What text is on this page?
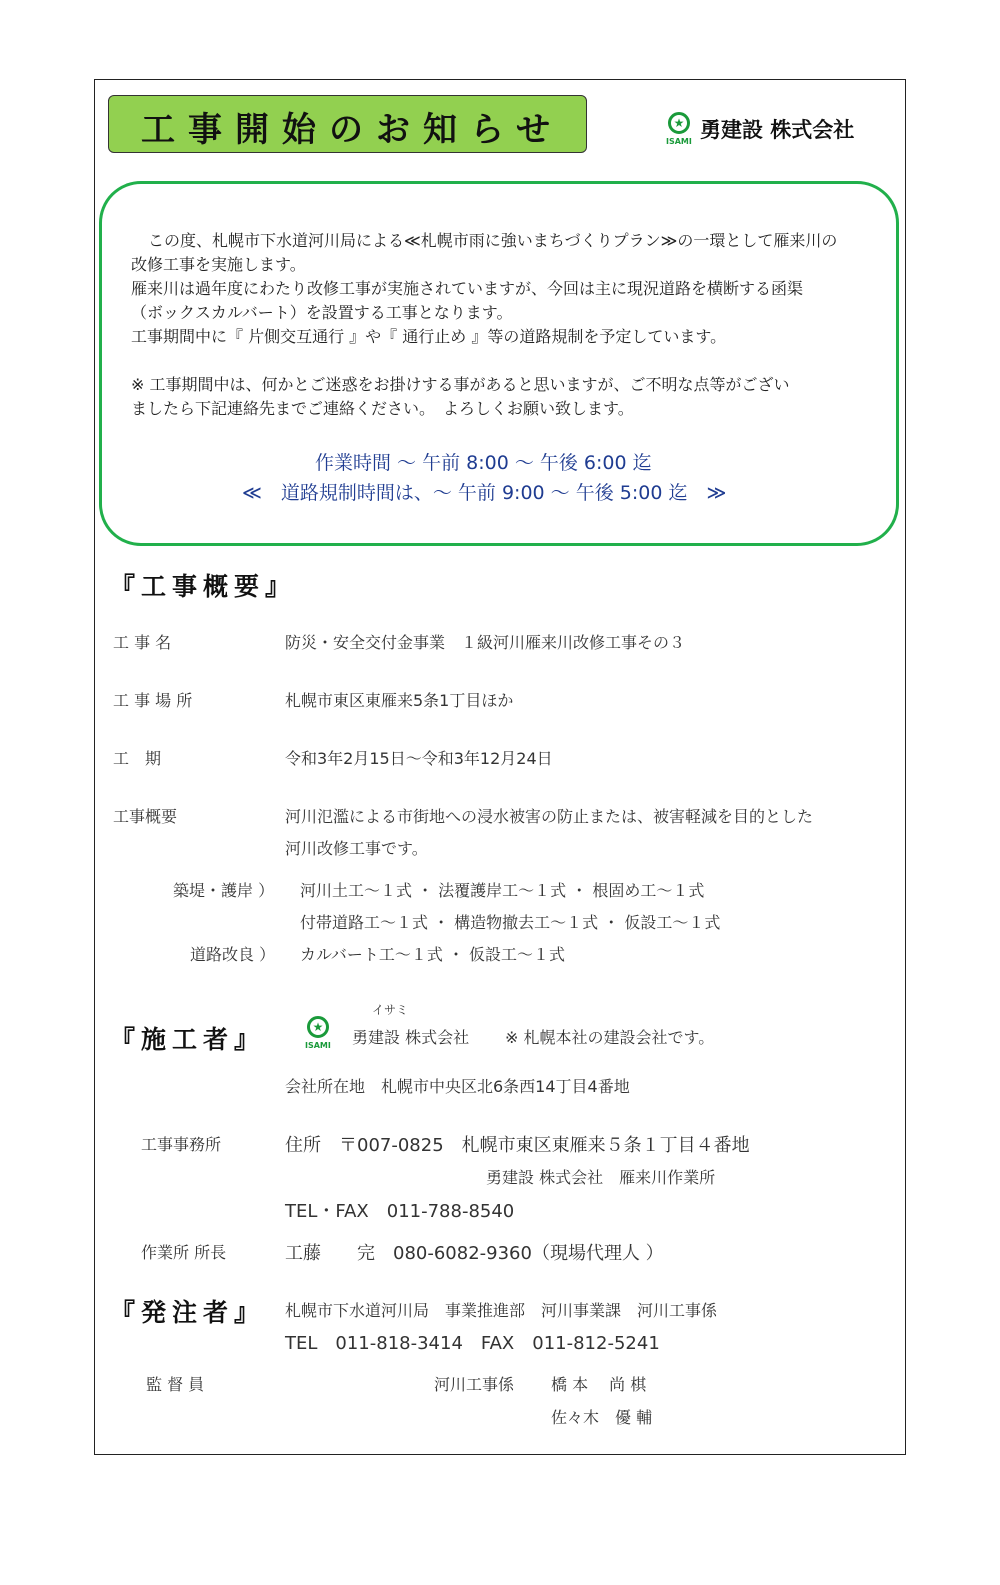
工事開始のお知らせ	★
ISAMI 勇建設 株式会社
この度、札幌市下水道河川局による≪札幌市雨に強いまちづくりプラン≫の一環として雁来川の
改修工事を実施します。
雁来川は過年度にわたり改修工事が実施されていますが、今回は主に現況道路を横断する函渠
（ボックスカルバート）を設置する工事となります。
工事期間中に『 片側交互通行 』や『 通行止め 』等の道路規制を予定しています。
※ 工事期間中は、何かとご迷惑をお掛けする事があると思いますが、ご不明な点等がござい
ましたら下記連絡先までご連絡ください。　よろしくお願い致します。
作業時間 ～ 午前 8:00 ～ 午後 6:00 迄
≪　道路規制時間は、～ 午前 9:00 ～ 午後 5:00 迄　≫
『工事概要』
工 事 名	防災・安全交付金事業　１級河川雁来川改修工事その３
工 事 場 所	札幌市東区東雁来5条1丁目ほか
工　期	令和3年2月15日～令和3年12月24日
工事概要	河川氾濫による市街地への浸水被害の防止または、被害軽減を目的とした
河川改修工事です。
築堤・護岸 ） 河川土工～１式 ・ 法覆護岸工～１式 ・ 根固め工～１式
付帯道路工～１式 ・ 構造物撤去工～１式 ・ 仮設工～１式
道路改良 ） カルバート工～１式 ・ 仮設工～１式
『施工者』	★
ISAMI
イサミ
勇建設 株式会社 ※ 札幌本社の建設会社です。
会社所在地　札幌市中央区北6条西14丁目4番地
工事事務所	住所　〒007-0825　札幌市東区東雁来５条１丁目４番地
勇建設 株式会社　雁来川作業所
TEL・FAX　011-788-8540
作業所 所長	工藤　　完　080-6082-9360（現場代理人 ）
『発注者』 札幌市下水道河川局　事業推進部　河川事業課　河川工事係
TEL　011-818-3414　FAX　011-812-5241
監 督 員	河川工事係 橋 本　 尚 棋
佐々木　優 輔
